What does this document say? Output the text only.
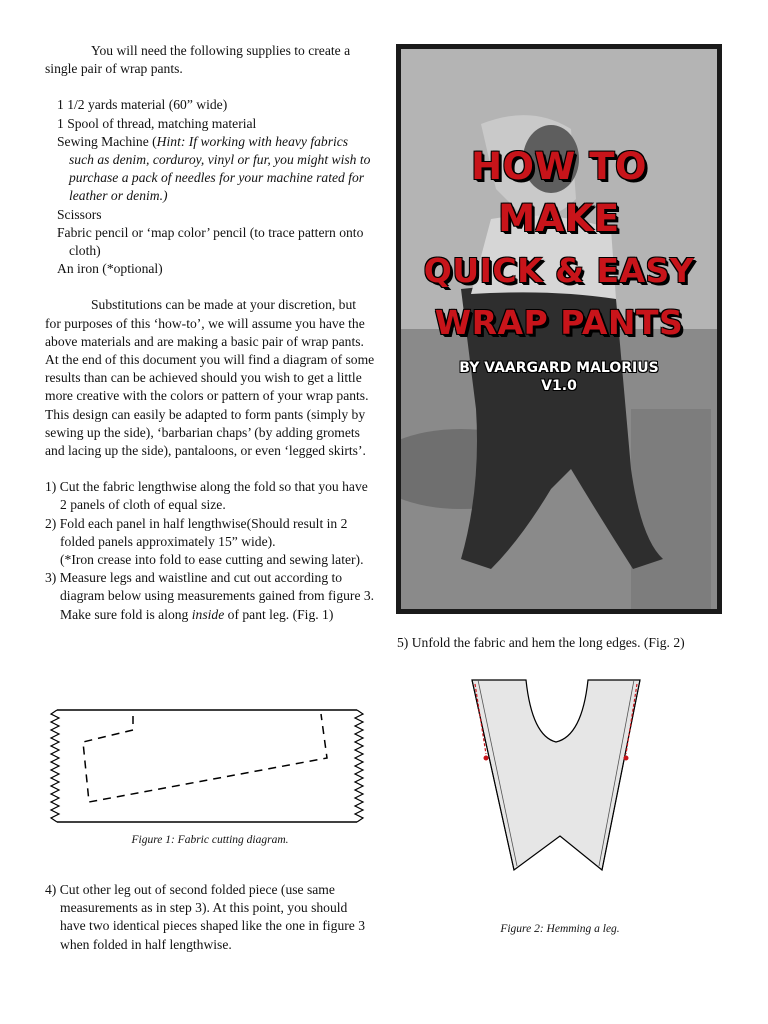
You will need the following supplies to create a single pair of wrap pants.

1 1/2 yards material (60” wide)
1 Spool of thread, matching material
Sewing Machine (Hint: If working with heavy fabrics such as denim, corduroy, vinyl or fur, you might wish to purchase a pack of needles for your machine rated for leather or denim.)
Scissors
Fabric pencil or ‘map color’ pencil (to trace pattern onto cloth)
An iron (*optional)

Substitutions can be made at your discretion, but for purposes of this ‘how-to’, we will assume you have the above materials and are making a basic pair of wrap pants. At the end of this document you will find a diagram of some results than can be achieved should you wish to get a little more creative with the colors or pattern of your wrap pants. This design can easily be adapted to form pants (simply by sewing up the side), ‘barbarian chaps’ (by adding gromets and lacing up the side), pantaloons, or even ‘legged skirts’.

1) Cut the fabric lengthwise along the fold so that you have 2 panels of cloth of equal size.
2) Fold each panel in half lengthwise(Should result in 2 folded panels approximately 15” wide).
(*Iron crease into fold to ease cutting and sewing later).
3) Measure legs and waistline and cut out according to diagram below using measurements gained from figure 3. Make sure fold is along inside of pant leg. (Fig. 1)
Figure 1: Fabric cutting diagram.
4) Cut other leg out of second folded piece (use same measurements as in step 3). At this point, you should have two identical pieces shaped like the one in figure 3 when folded in half lengthwise.
HOW TO
MAKE
QUICK & EASY
WRAP PANTS
BY VAARGARD MALORIUS
V1.0
5) Unfold the fabric and hem the long edges. (Fig. 2)
Figure 2: Hemming a leg.
